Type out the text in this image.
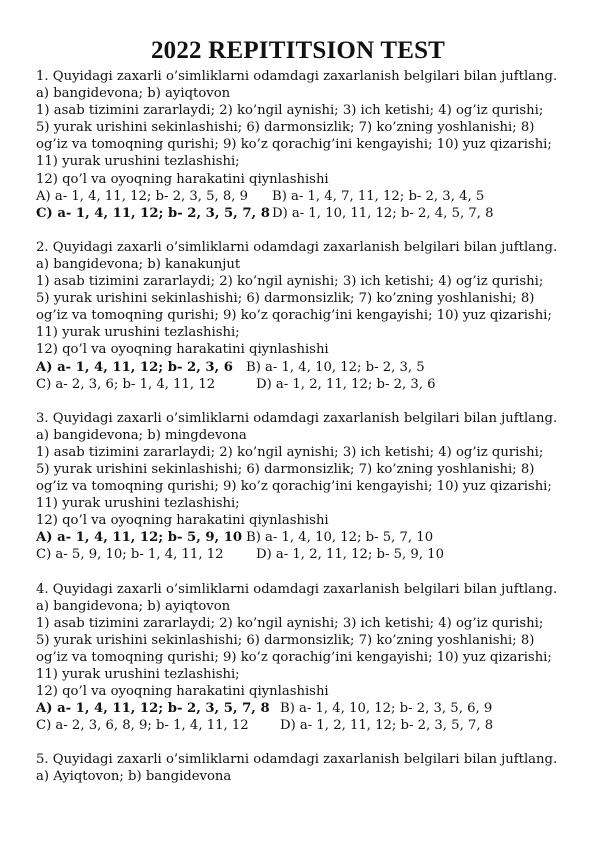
2022 REPITITSION TEST

1. Quyidagi zaxarli o’simliklarni odamdagi zaxarlanish belgilari bilan juftlang.

a) bangidevona; b) ayiqtovon

1) asab tizimini zararlaydi; 2) ko’ngil aynishi; 3) ich ketishi; 4) og’iz qurishi; 5) yurak urishini sekinlashishi; 6) darmonsizlik; 7) ko’zning yoshlanishi; 8) og’iz va tomoqning qurishi; 9) ko’z qorachig’ini kengayishi; 10) yuz qizarishi; 11) yurak urushini tezlashishi;

12) qo’l va oyoqning harakatini qiynlashishi

A) a- 1, 4, 11, 12; b- 2, 3, 5, 8, 9 B) a- 1, 4, 7, 11, 12; b- 2, 3, 4, 5
C) a- 1, 4, 11, 12; b- 2, 3, 5, 7, 8 D) a- 1, 10, 11, 12; b- 2, 4, 5, 7, 8

2. Quyidagi zaxarli o’simliklarni odamdagi zaxarlanish belgilari bilan juftlang.

a) bangidevona; b) kanakunjut

1) asab tizimini zararlaydi; 2) ko’ngil aynishi; 3) ich ketishi; 4) og’iz qurishi; 5) yurak urishini sekinlashishi; 6) darmonsizlik; 7) ko’zning yoshlanishi; 8) og’iz va tomoqning qurishi; 9) ko’z qorachig’ini kengayishi; 10) yuz qizarishi; 11) yurak urushini tezlashishi;

12) qo’l va oyoqning harakatini qiynlashishi

A) a- 1, 4, 11, 12; b- 2, 3, 6 B) a- 1, 4, 10, 12; b- 2, 3, 5
C) a- 2, 3, 6; b- 1, 4, 11, 12	D) a- 1, 2, 11, 12; b- 2, 3, 6

3. Quyidagi zaxarli o’simliklarni odamdagi zaxarlanish belgilari bilan juftlang.

a) bangidevona; b) mingdevona

1) asab tizimini zararlaydi; 2) ko’ngil aynishi; 3) ich ketishi; 4) og’iz qurishi; 5) yurak urishini sekinlashishi; 6) darmonsizlik; 7) ko’zning yoshlanishi; 8) og’iz va tomoqning qurishi; 9) ko’z qorachig’ini kengayishi; 10) yuz qizarishi; 11) yurak urushini tezlashishi;

12) qo’l va oyoqning harakatini qiynlashishi

A) a- 1, 4, 11, 12; b- 5, 9, 10 B) a- 1, 4, 10, 12; b- 5, 7, 10
C) a- 5, 9, 10; b- 1, 4, 11, 12 D) a- 1, 2, 11, 12; b- 5, 9, 10

4. Quyidagi zaxarli o’simliklarni odamdagi zaxarlanish belgilari bilan juftlang.

a) bangidevona; b) ayiqtovon

1) asab tizimini zararlaydi; 2) ko’ngil aynishi; 3) ich ketishi; 4) og’iz qurishi; 5) yurak urishini sekinlashishi; 6) darmonsizlik; 7) ko’zning yoshlanishi; 8) og’iz va tomoqning qurishi; 9) ko’z qorachig’ini kengayishi; 10) yuz qizarishi; 11) yurak urushini tezlashishi;

12) qo’l va oyoqning harakatini qiynlashishi

A) a- 1, 4, 11, 12; b- 2, 3, 5, 7, 8 B) a- 1, 4, 10, 12; b- 2, 3, 5, 6, 9
C) a- 2, 3, 6, 8, 9; b- 1, 4, 11, 12 D) a- 1, 2, 11, 12; b- 2, 3, 5, 7, 8

5. Quyidagi zaxarli o’simliklarni odamdagi zaxarlanish belgilari bilan juftlang.

a) Ayiqtovon; b) bangidevona
